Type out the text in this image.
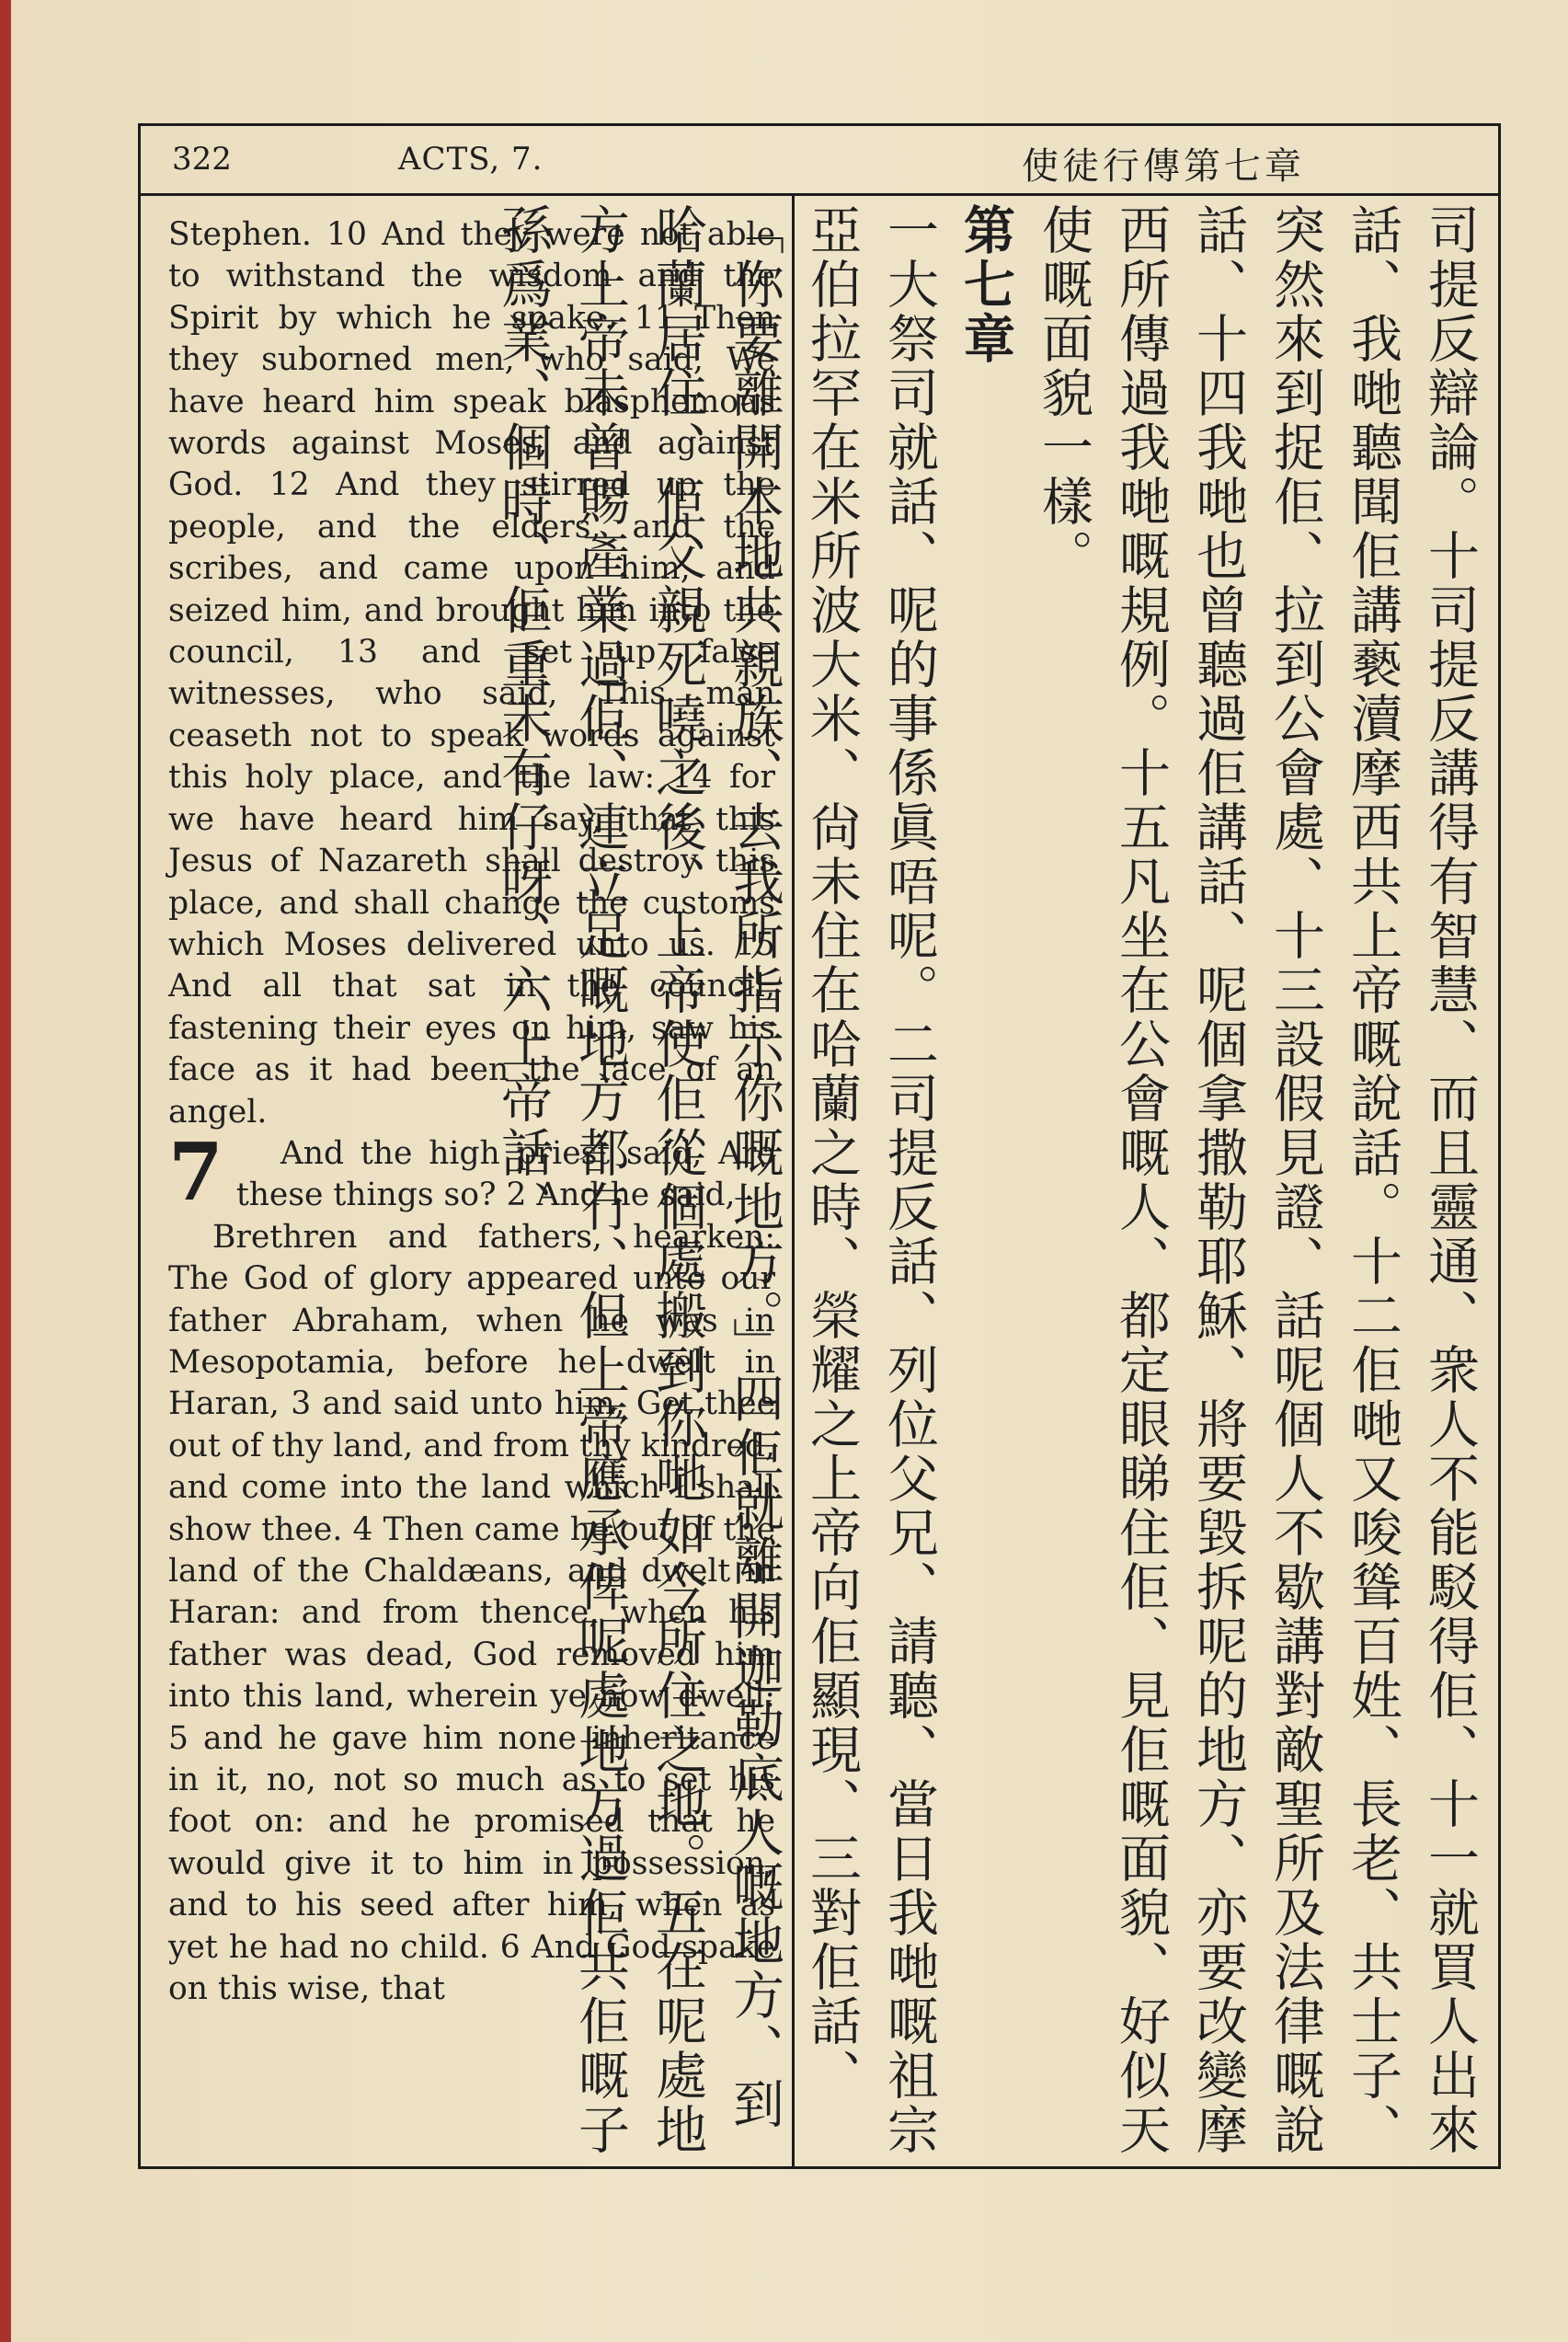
322	ACTS, 7.	使徒行傳第七章

Stephen. 10 And they were not able to withstand the wisdom and the Spirit by which he spake. 11 Then they suborned men, who said, We have heard him speak blasphemous words against Moses, and against God. 12 And they stirred up the people, and the elders, and the scribes, and came upon him, and seized him, and brought him into the council, 13 and set up false witnesses, who said, This man ceaseth not to speak words against this holy place, and the law: 14 for we have heard him say, that this Jesus of Nazareth shall destroy this place, and shall change the customs which Moses delivered unto us. 15 And all that sat in the council, fastening their eyes on him, saw his face as it had been the face of an angel.

7	And the high priest said, Are these things so? 2 And he said,

Brethren and fathers, hearken: The God of glory appeared unto our father Abraham, when he was in Mesopotamia, before he dwelt in Haran, 3 and said unto him, Get thee out of thy land, and from thy kindred, and come into the land which I shall show thee. 4 Then came he out of the land of the Chaldæans, and dwelt in Haran: and from thence, when his father was dead, God removed him into this land, wherein ye now dwell: 5 and he gave him none inheritance in it, no, not so much as to set his foot on: and he promised that he would give it to him in possession, and to his seed after him, when as yet he had no child. 6 And God spake on this wise, that	司提反辯論。十司提反講得有智慧、而且靈通、衆人不能駁得佢、十一就買人出來話、我哋聽聞佢講褻瀆摩西共上帝嘅說話。十二佢哋又唆聳百姓、長老、共士子、突然來到捉佢、拉到公會處、十三設假見證、話呢個人不歇講對敵聖所及法律嘅說話、十四我哋也曾聽過佢講話、呢個拿撒勒耶穌、將要毀拆呢的地方、亦要改變摩西所傳過我哋嘅規例。十五凡坐在公會嘅人、都定眼睇住佢、見佢嘅面貌、好似天使嘅面貌一樣。

第七章

一大祭司就話、呢的事係眞唔呢。二司提反話、列位父兄、請聽、當日我哋嘅祖宗亞伯拉罕在米所波大米、尙未住在哈蘭之時、榮耀之上帝向佢顯現、三對佢話、「你要離開本地共親族、去我所指示你嘅地方。」四佢就離開迦勒底人嘅地方、到哈蘭居住、佢父親死嘵之後、上帝使佢從個處搬到你哋如今所住之地。五在呢處地方上帝未曾賜產業過佢、連立足嘅地方都冇、但上帝應承俾呢處地方過佢共佢嘅子孫爲業、個時、佢重未有仔呀、六上帝話、
